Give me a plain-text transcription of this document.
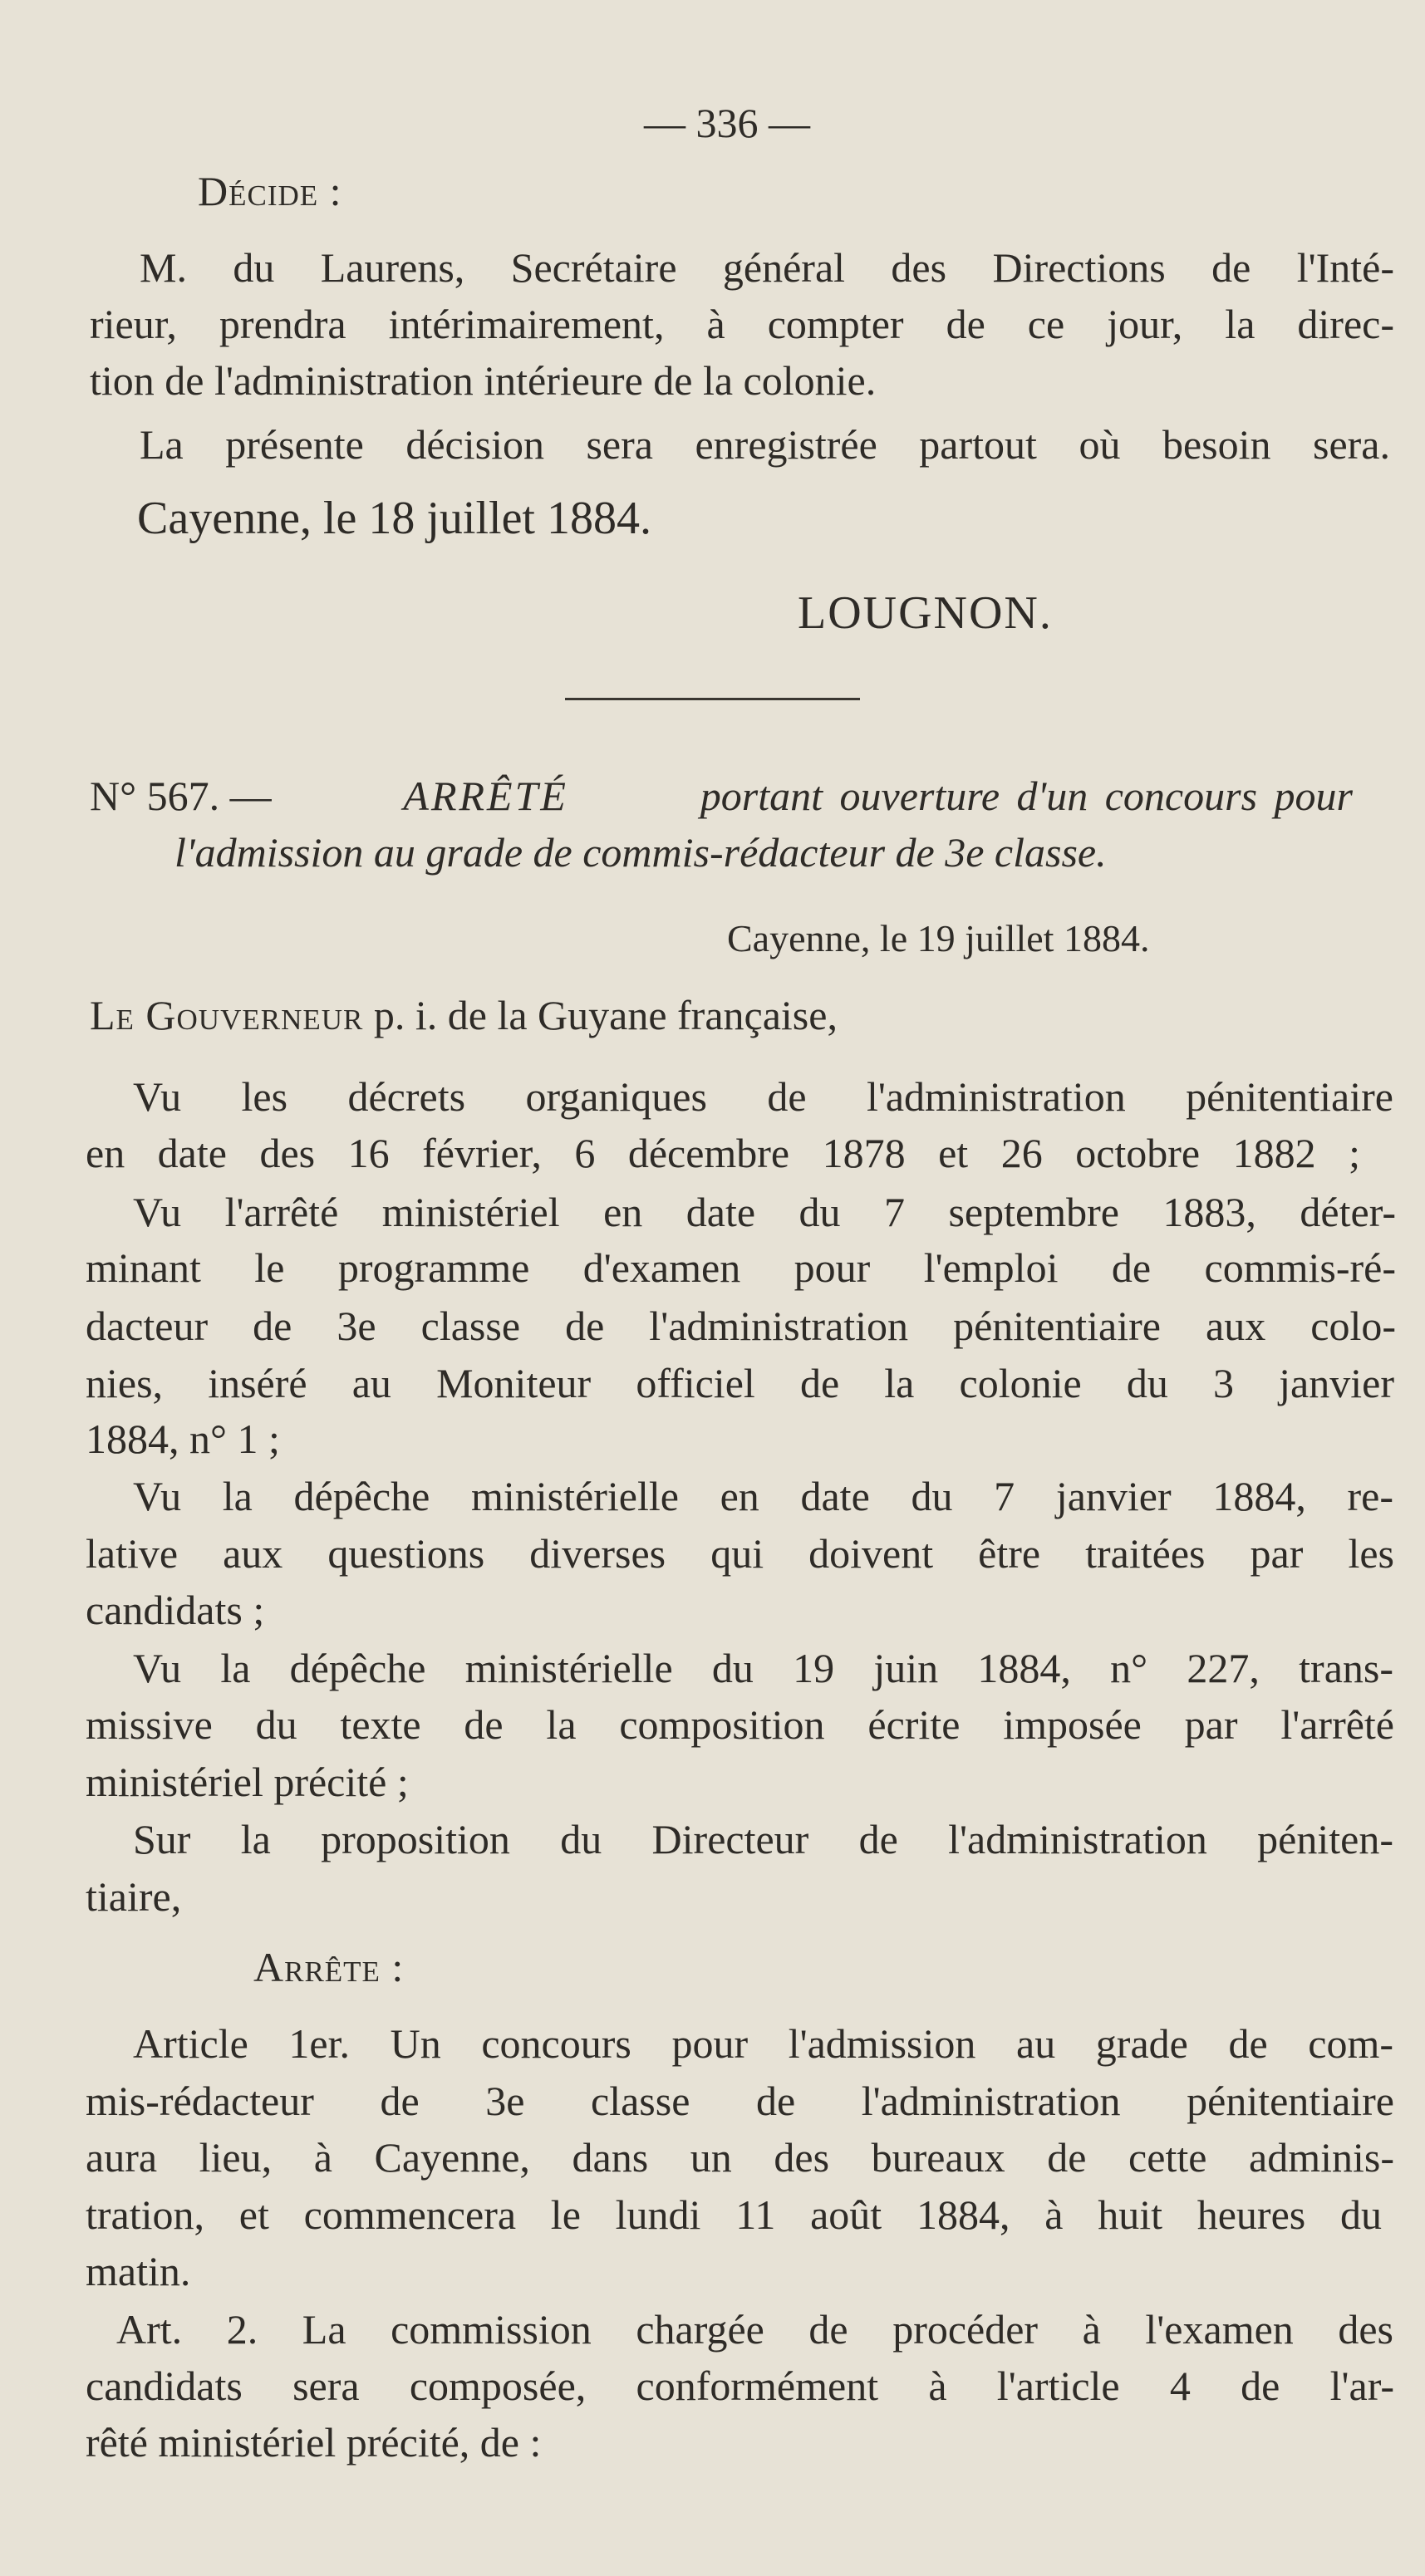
— 336 —
Décide :
M. du Laurens, Secrétaire général des Directions de l'Inté-
rieur, prendra intérimairement, à compter de ce jour, la direc-
tion de l'administration intérieure de la colonie.
La présente décision sera enregistrée partout où besoin sera.
Cayenne, le 18 juillet 1884.
LOUGNON.
N° 567. —	ARRÊTÉ	portant ouverture d'un concours pour
l'admission au grade de commis-rédacteur de 3e classe.
Cayenne, le 19 juillet 1884.
Le Gouverneur p. i. de la Guyane française,
Vu les décrets organiques de l'administration pénitentiaire
en date des 16 février, 6 décembre 1878 et 26 octobre 1882 ;
Vu l'arrêté ministériel en date du 7 septembre 1883, déter-
minant le programme d'examen pour l'emploi de commis-ré-
dacteur de 3e classe de l'administration pénitentiaire aux colo-
nies, inséré au Moniteur officiel de la colonie du 3 janvier
1884, n° 1 ;
Vu la dépêche ministérielle en date du 7 janvier 1884, re-
lative aux questions diverses qui doivent être traitées par les
candidats ;
Vu la dépêche ministérielle du 19 juin 1884, n° 227, trans-
missive du texte de la composition écrite imposée par l'arrêté
ministériel précité ;
Sur la proposition du Directeur de l'administration péniten-
tiaire,
Arrête :
Article 1er. Un concours pour l'admission au grade de com-
mis-rédacteur de 3e classe de l'administration pénitentiaire
aura lieu, à Cayenne, dans un des bureaux de cette adminis-
tration, et commencera le lundi 11 août 1884, à huit heures du
matin.
Art. 2. La commission chargée de procéder à l'examen des
candidats sera composée, conformément à l'article 4 de l'ar-
rêté ministériel précité, de :
